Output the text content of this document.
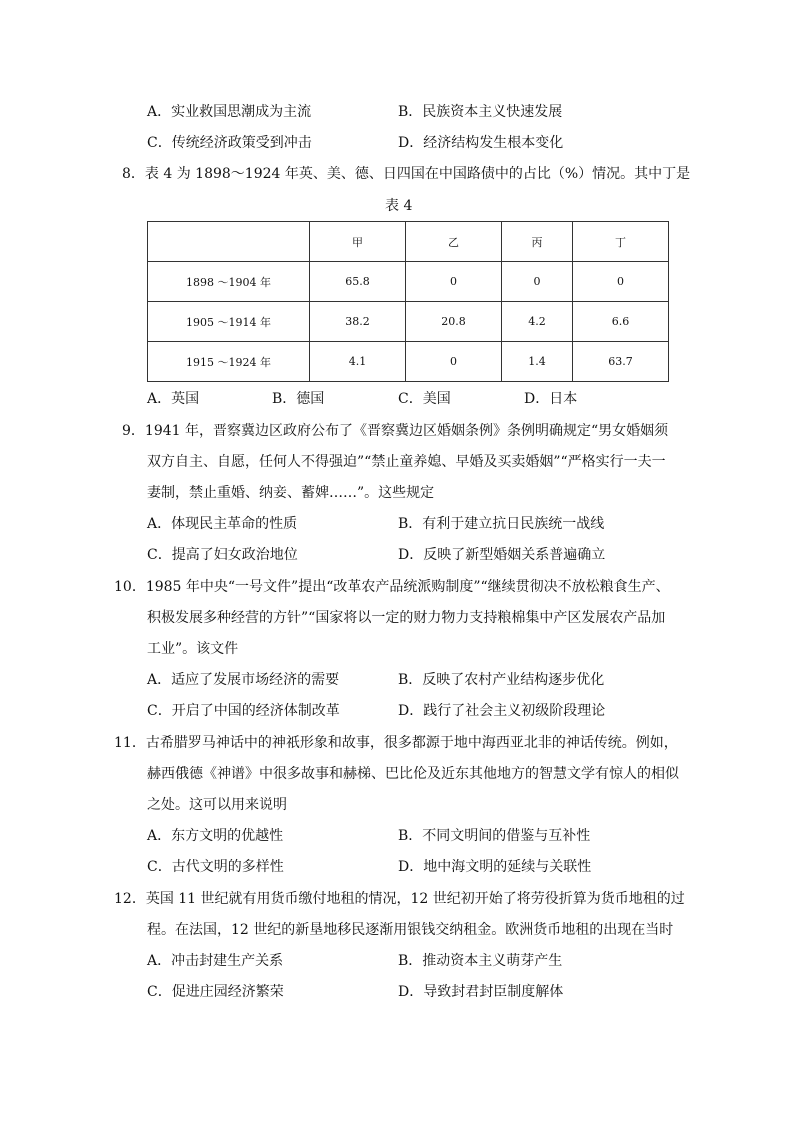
A．实业救国思潮成为主流	B．民族资本主义快速发展
C．传统经济政策受到冲击	D．经济结构发生根本变化
8．表 4 为 1898～1924 年英、美、德、日四国在中国路债中的占比（%）情况。其中丁是
表 4
	甲	乙	丙	丁
1898 ～1904 年	65.8	0	0	0
1905 ～1914 年	38.2	20.8	4.2	6.6
1915 ～1924 年	4.1	0	1.4	63.7
A．英国	B．德国	C．美国	D．日本
9．1941 年，晋察冀边区政府公布了《晋察冀边区婚姻条例》条例明确规定“男女婚姻须
双方自主、自愿，任何人不得强迫”“禁止童养媳、早婚及买卖婚姻”“严格实行一夫一
妻制，禁止重婚、纳妾、蓄婢……”。这些规定
A．体现民主革命的性质	B．有利于建立抗日民族统一战线
C．提高了妇女政治地位	D．反映了新型婚姻关系普遍确立
10．1985 年中央“一号文件”提出“改革农产品统派购制度”“继续贯彻决不放松粮食生产、
积极发展多种经营的方针”“国家将以一定的财力物力支持粮棉集中产区发展农产品加
工业”。该文件
A．适应了发展市场经济的需要	B．反映了农村产业结构逐步优化
C．开启了中国的经济体制改革	D．践行了社会主义初级阶段理论
11．古希腊罗马神话中的神祇形象和故事，很多都源于地中海西亚北非的神话传统。例如，
赫西俄德《神谱》中很多故事和赫梯、巴比伦及近东其他地方的智慧文学有惊人的相似
之处。这可以用来说明
A．东方文明的优越性	B．不同文明间的借鉴与互补性
C．古代文明的多样性	D．地中海文明的延续与关联性
12．英国 11 世纪就有用货币缴付地租的情况，12 世纪初开始了将劳役折算为货币地租的过
程。在法国，12 世纪的新垦地移民逐渐用银钱交纳租金。欧洲货币地租的出现在当时
A．冲击封建生产关系	B．推动资本主义萌芽产生
C．促进庄园经济繁荣	D．导致封君封臣制度解体
